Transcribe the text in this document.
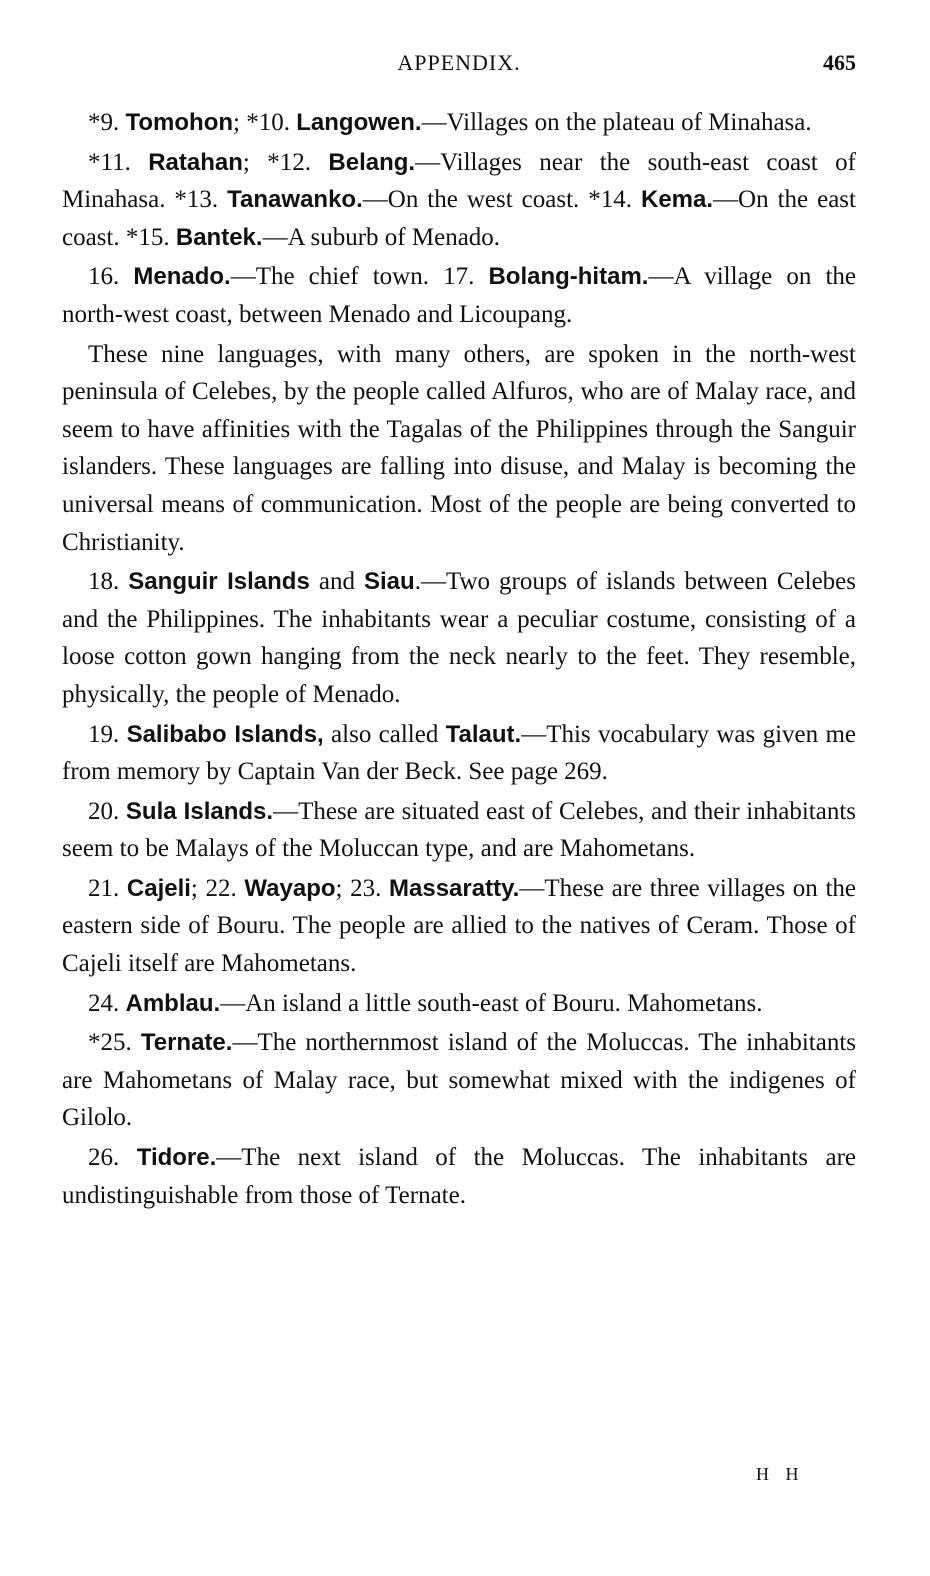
APPENDIX.	465

*9. Tomohon; *10. Langowen.—Villages on the plateau of Minahasa.

*11. Ratahan; *12. Belang.—Villages near the south-east coast of Minahasa. *13. Tanawanko.—On the west coast. *14. Kema.—On the east coast. *15. Bantek.—A suburb of Menado.

16. Menado.—The chief town. 17. Bolang-hitam.—A village on the north-west coast, between Menado and Licoupang.

These nine languages, with many others, are spoken in the north-west peninsula of Celebes, by the people called Alfuros, who are of Malay race, and seem to have affinities with the Tagalas of the Philippines through the Sanguir islanders. These languages are falling into disuse, and Malay is becoming the universal means of communication. Most of the people are being converted to Christianity.

18. Sanguir Islands and Siau.—Two groups of islands between Celebes and the Philippines. The inhabitants wear a peculiar costume, consisting of a loose cotton gown hanging from the neck nearly to the feet. They resemble, physically, the people of Menado.

19. Salibabo Islands, also called Talaut.—This vocabulary was given me from memory by Captain Van der Beck. See page 269.

20. Sula Islands.—These are situated east of Celebes, and their inhabitants seem to be Malays of the Moluccan type, and are Mahometans.

21. Cajeli; 22. Wayapo; 23. Massaratty.—These are three villages on the eastern side of Bouru. The people are allied to the natives of Ceram. Those of Cajeli itself are Mahometans.

24. Amblau.—An island a little south-east of Bouru. Mahometans.

*25. Ternate.—The northernmost island of the Moluccas. The inhabitants are Mahometans of Malay race, but somewhat mixed with the indigenes of Gilolo.

26. Tidore.—The next island of the Moluccas. The inhabitants are undistinguishable from those of Ternate.

H H
